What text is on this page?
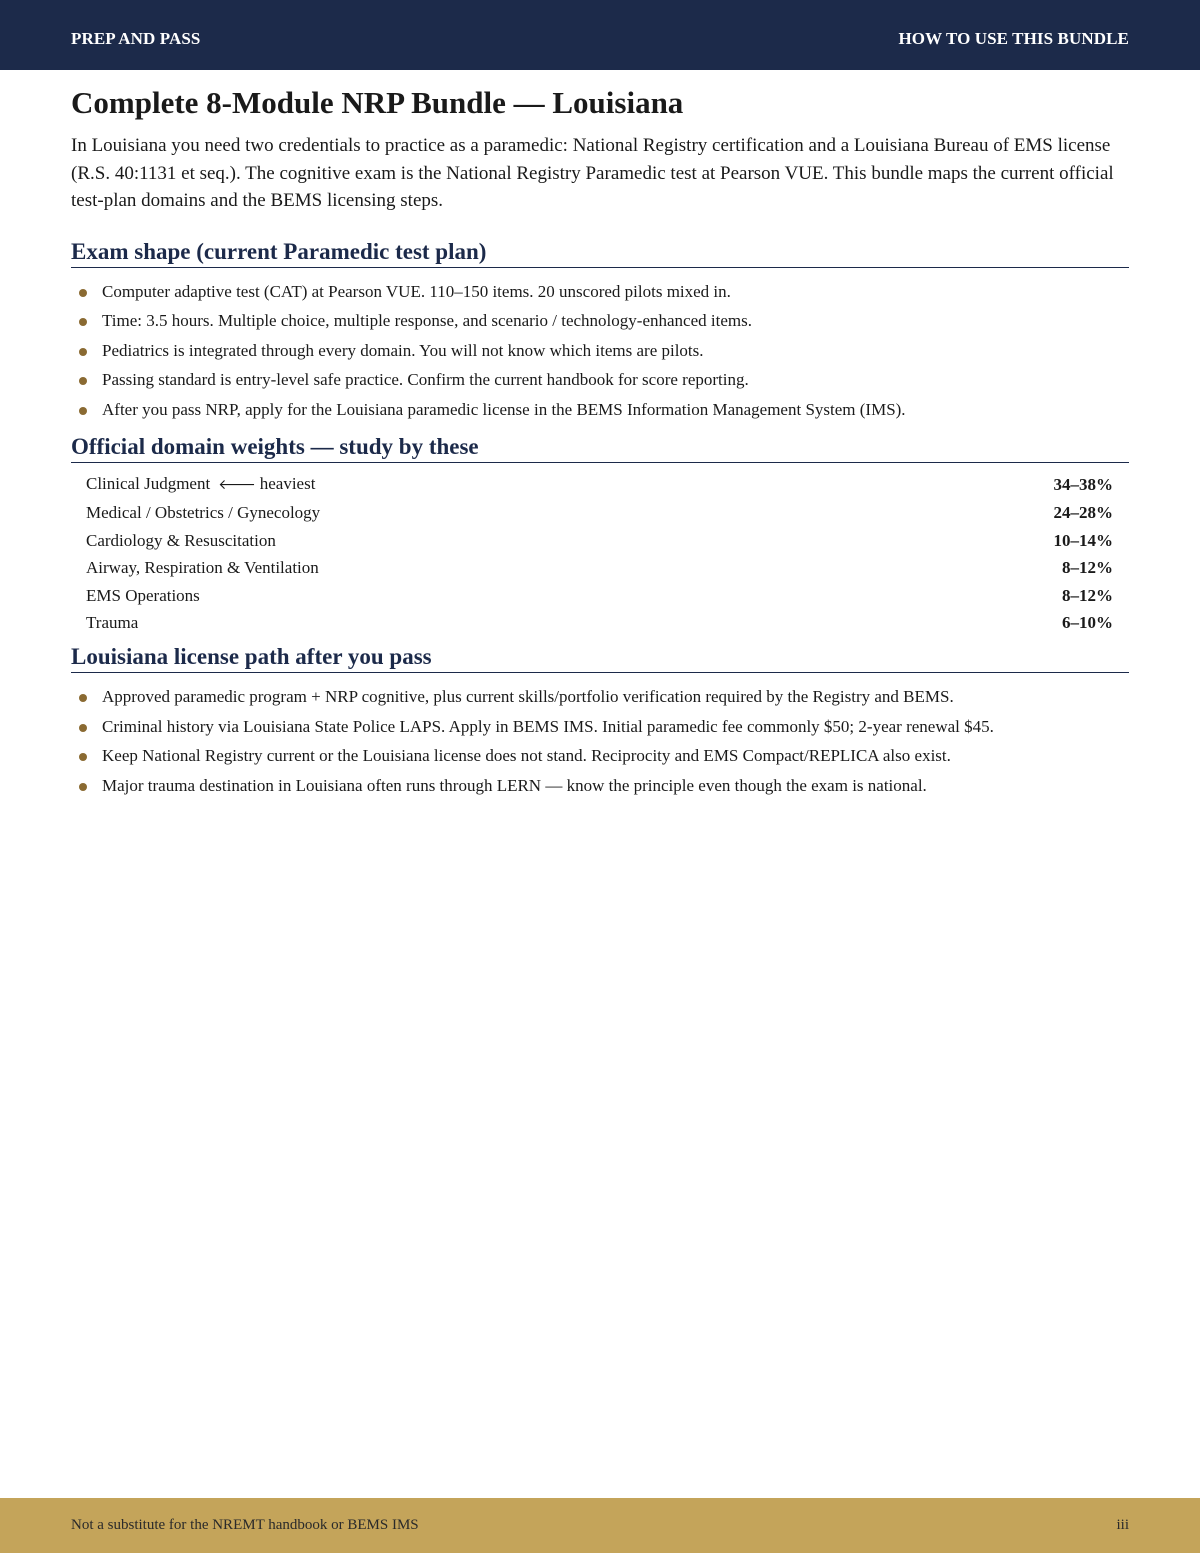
PREP AND PASS	HOW TO USE THIS BUNDLE
Complete 8-Module NRP Bundle — Louisiana

In Louisiana you need two credentials to practice as a paramedic: National Registry certification and a Louisiana Bureau of EMS license (R.S. 40:1131 et seq.). The cognitive exam is the National Registry Paramedic test at Pearson VUE. This bundle maps the current official test-plan domains and the BEMS licensing steps.

Exam shape (current Paramedic test plan)
Computer adaptive test (CAT) at Pearson VUE. 110–150 items. 20 unscored pilots mixed in.
Time: 3.5 hours. Multiple choice, multiple response, and scenario / technology-enhanced items.
Pediatrics is integrated through every domain. You will not know which items are pilots.
Passing standard is entry-level safe practice. Confirm the current handbook for score reporting.
After you pass NRP, apply for the Louisiana paramedic license in the BEMS Information Management System (IMS).
Official domain weights — study by these
Clinical Judgment 🡐 heaviest	34–38%
Medical / Obstetrics / Gynecology	24–28%
Cardiology & Resuscitation	10–14%
Airway, Respiration & Ventilation	8–12%
EMS Operations	8–12%
Trauma	6–10%
Louisiana license path after you pass
Approved paramedic program + NRP cognitive, plus current skills/portfolio verification required by the Registry and BEMS.
Criminal history via Louisiana State Police LAPS. Apply in BEMS IMS. Initial paramedic fee commonly $50; 2-year renewal $45.
Keep National Registry current or the Louisiana license does not stand. Reciprocity and EMS Compact/REPLICA also exist.
Major trauma destination in Louisiana often runs through LERN — know the principle even though the exam is national.
Not a substitute for the NREMT handbook or BEMS IMS	iii
